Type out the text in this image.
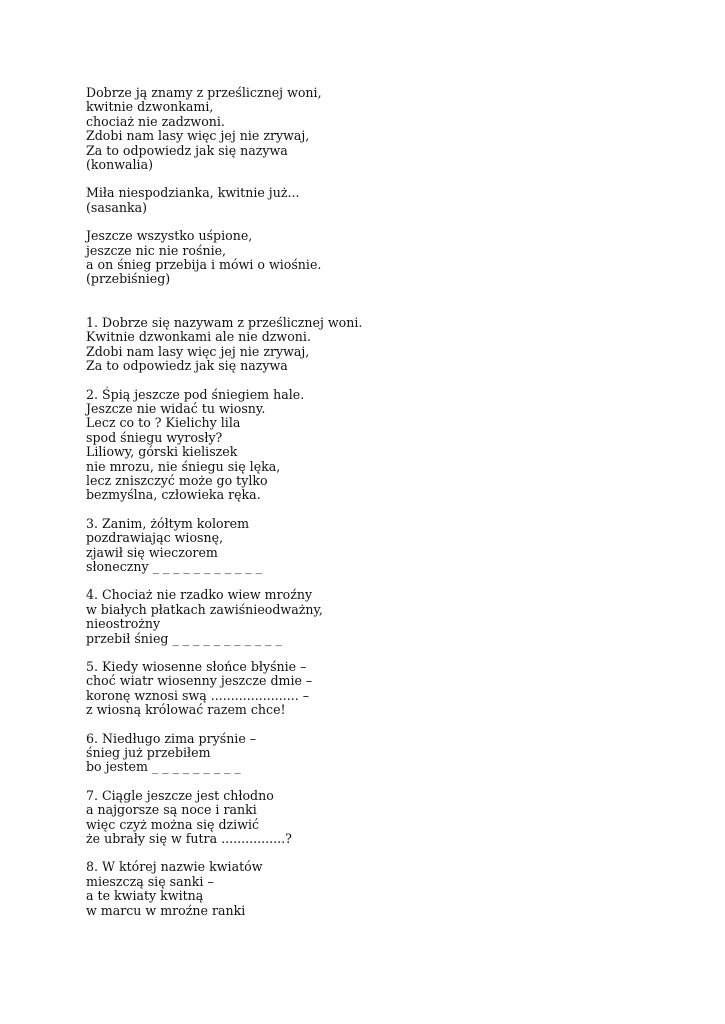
Dobrze ją znamy z prześlicznej woni,
kwitnie dzwonkami,
chociaż nie zadzwoni.
Zdobi nam lasy więc jej nie zrywaj,
Za to odpowiedz jak się nazywa
(konwalia)
Miła niespodzianka, kwitnie już...
(sasanka)
Jeszcze wszystko uśpione,
jeszcze nic nie rośnie,
a on śnieg przebija i mówi o wiośnie.
(przebiśnieg)
1. Dobrze się nazywam z prześlicznej woni.
Kwitnie dzwonkami ale nie dzwoni.
Zdobi nam lasy więc jej nie zrywaj,
Za to odpowiedz jak się nazywa
2. Śpią jeszcze pod śniegiem hale.
Jeszcze nie widać tu wiosny.
Lecz co to ? Kielichy lila
spod śniegu wyrosły?
Liliowy, górski kieliszek
nie mrozu, nie śniegu się lęka,
lecz zniszczyć może go tylko
bezmyślna, człowieka ręka.
3. Zanim, żółtym kolorem
pozdrawiając wiosnę,
zjawił się wieczorem
słoneczny _ _ _ _ _ _ _ _ _ _ _
4. Chociaż nie rzadko wiew mroźny
w białych płatkach zawiśnieodważny,
nieostrożny
przebił śnieg _ _ _ _ _ _ _ _ _ _ _
5. Kiedy wiosenne słońce błyśnie –
choć wiatr wiosenny jeszcze dmie –
koronę wznosi swą ...................... –
z wiosną królować razem chce!
6. Niedługo zima pryśnie –
śnieg już przebiłem
bo jestem _ _ _ _ _ _ _ _ _
7. Ciągle jeszcze jest chłodno
a najgorsze są noce i ranki
więc czyż można się dziwić
że ubrały się w futra ................?
8. W której nazwie kwiatów
mieszczą się sanki –
a te kwiaty kwitną
w marcu w mroźne ranki
